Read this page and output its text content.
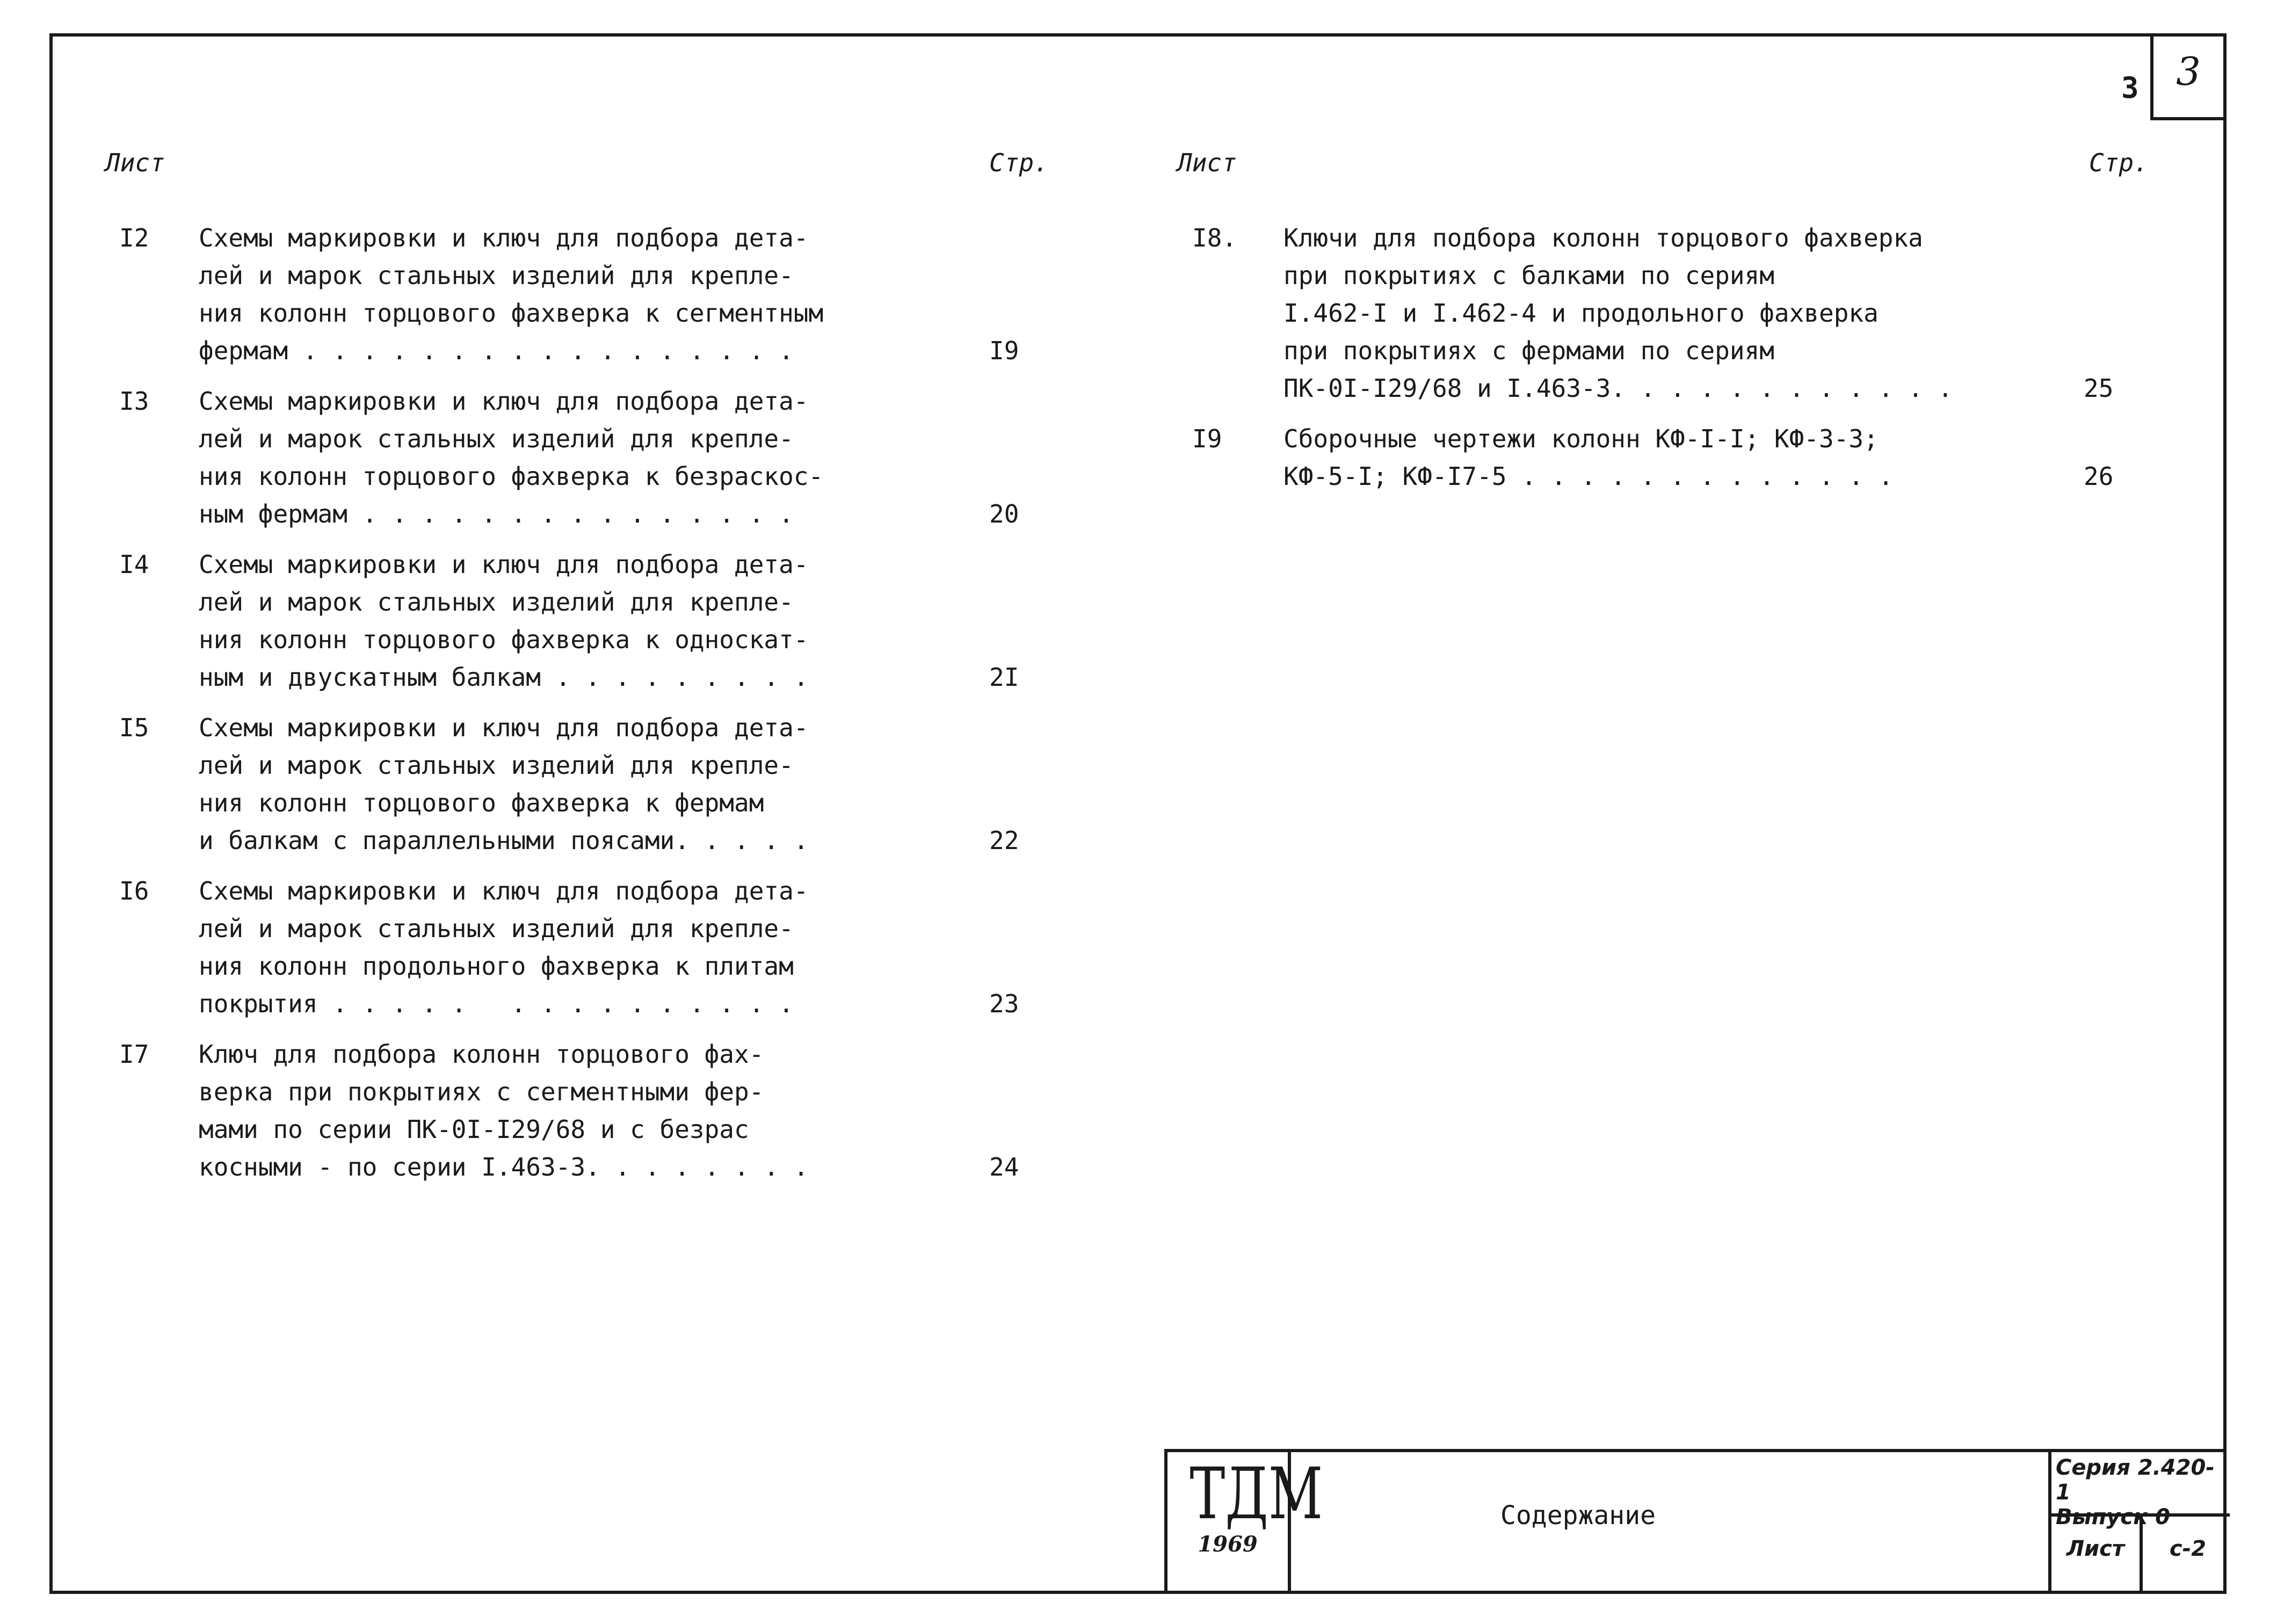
3
3
Лист	Стр.	Лист	Стр.
I2 Схемы маркировки и ключ для подбора дета-
лей и марок стальных изделий для крепле-
ния колонн торцового фахверка к сегментным
фермам . . . . . . . . . . . . . . . . .	I9
I3 Схемы маркировки и ключ для подбора дета-
лей и марок стальных изделий для крепле-
ния колонн торцового фахверка к безраскос-
ным фермам . . . . . . . . . . . . . . .	20
I4 Схемы маркировки и ключ для подбора дета-
лей и марок стальных изделий для крепле-
ния колонн торцового фахверка к односкат-
ным и двускатным балкам . . . . . . . . .	2I
I5 Схемы маркировки и ключ для подбора дета-
лей и марок стальных изделий для крепле-
ния колонн торцового фахверка к фермам
и балкам с параллельными поясами. . . . .	22
I6 Схемы маркировки и ключ для подбора дета-
лей и марок стальных изделий для крепле-
ния колонн продольного фахверка к плитам
покрытия . . . . .   . . . . . . . . . .	23
I7 Ключ для подбора колонн торцового фах-
верка при покрытиях с сегментными фер-
мами по серии ПК-0I-I29/68 и с безрас
косными - по серии I.463-3. . . . . . . .	24
I8. Ключи для подбора колонн торцового фахверка
при покрытиях с балками по сериям
I.462-I и I.462-4 и продольного фахверка
при покрытиях с фермами по сериям
ПК-0I-I29/68 и I.463-3. . . . . . . . . . . .	25
I9 Сборочные чертежи колонн КФ-I-I; КФ-3-3;
КФ-5-I; КФ-I7-5 . . . . . . . . . . . . .	26
ТДМ
1969
Содержание
Серия 2.420-1
Выпуск 0
Лист	с-2
